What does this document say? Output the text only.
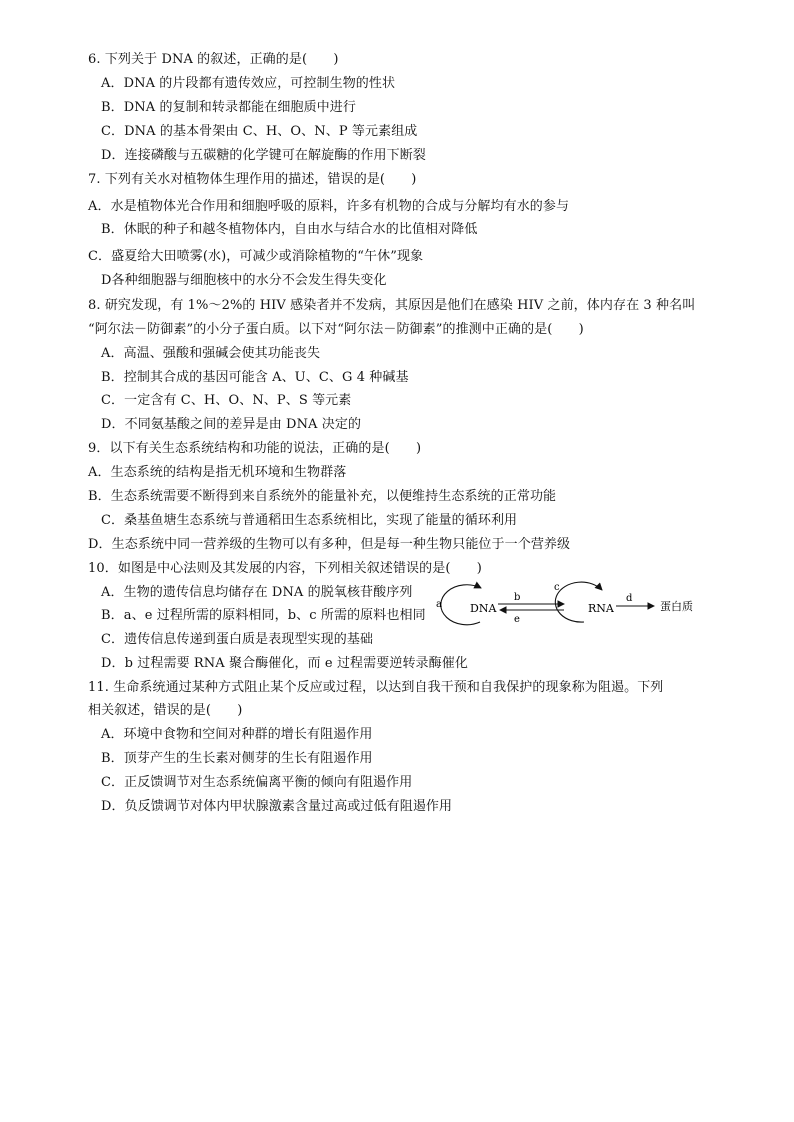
6. 下列关于 DNA 的叙述，正确的是(　　)
A．DNA 的片段都有遗传效应，可控制生物的性状
B．DNA 的复制和转录都能在细胞质中进行
C．DNA 的基本骨架由 C、H、O、N、P 等元素组成
D．连接磷酸与五碳糖的化学键可在解旋酶的作用下断裂
7. 下列有关水对植物体生理作用的描述，错误的是(　　)
A．水是植物体光合作用和细胞呼吸的原料，许多有机物的合成与分解均有水的参与
B．休眠的种子和越冬植物体内，自由水与结合水的比值相对降低
C．盛夏给大田喷雾(水)，可减少或消除植物的“午休”现象
D各种细胞器与细胞核中的水分不会发生得失变化
8. 研究发现，有 1%～2%的 HIV 感染者并不发病，其原因是他们在感染 HIV 之前，体内存在 3 种名叫
“阿尔法－防御素”的小分子蛋白质。以下对“阿尔法－防御素”的推测中正确的是(　　)
A．高温、强酸和强碱会使其功能丧失
B．控制其合成的基因可能含 A、U、C、G 4 种碱基
C．一定含有 C、H、O、N、P、S 等元素
D．不同氨基酸之间的差异是由 DNA 决定的
9．以下有关生态系统结构和功能的说法，正确的是(　　)
A．生态系统的结构是指无机环境和生物群落
B．生态系统需要不断得到来自系统外的能量补充，以便维持生态系统的正常功能
C．桑基鱼塘生态系统与普通稻田生态系统相比，实现了能量的循环利用
D．生态系统中同一营养级的生物可以有多种，但是每一种生物只能位于一个营养级
10．如图是中心法则及其发展的内容，下列相关叙述错误的是(　　)
A．生物的遗传信息均储存在 DNA 的脱氧核苷酸序列
B．a、e 过程所需的原料相同，b、c 所需的原料也相同
C．遗传信息传递到蛋白质是表现型实现的基础
D．b 过程需要 RNA 聚合酶催化，而 e 过程需要逆转录酶催化
a	DNA
b
e
c
RNA
d
蛋白质
11. 生命系统通过某种方式阻止某个反应或过程，以达到自我干预和自我保护的现象称为阻遏。下列
相关叙述，错误的是(　　)
A．环境中食物和空间对种群的增长有阻遏作用
B．顶芽产生的生长素对侧芽的生长有阻遏作用
C．正反馈调节对生态系统偏离平衡的倾向有阻遏作用
D．负反馈调节对体内甲状腺激素含量过高或过低有阻遏作用
